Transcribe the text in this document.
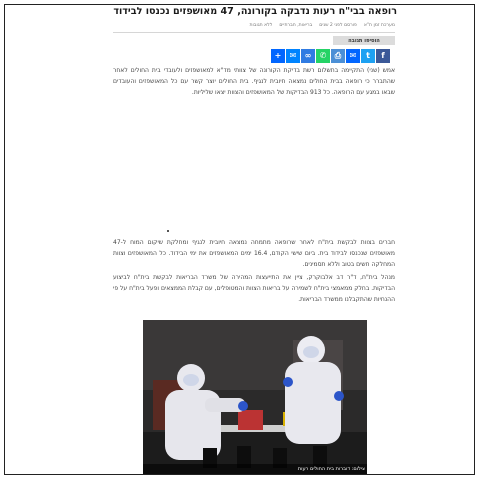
רופאה בבי"ח רעות נדבקה בקורונה, 47 מאושפזים נכנסו לבידוד
מערכת זמן ת"א
פורסם לפני 2 שנים
בריאות, חברתיים
ללא תגובות
הוסיפו תגובה
+ ✉ ∞ ✆ ⎙ ✉ t f
אמש (שני) התקיימה בתשלום רשת בדיקת הקורונה של צוותי מד"א למאושפזים ולעובדי בית החולים לאחר שהתברר כי רופאה בבית החולים נמצאה חיובית לנגיף. בית החולים יוצר קשר עם כל המאושפזים והעובדים שבאו במגע עם הרופאה. כל 913 הבדיקות של המאושפזים והצוות יצאו שליליות.
חברים בצוות לבקשת בית"ח לאחר שרופאה מתמחה נמצאה חיובית לנגיף ומחלקת שיקום המוח ל-47 מאושפזים שנכנסו לבידוד בית. ביום שישי הקודם, 16.4 ימים המאושפזים את ימי הבידוד. כל המאושפזים וצוות המחלקה חשים בטוב וללא תסמינים.
מנהל בית"ח, ד"ר דב אלבוקרק, ציין את התייעצות המהירה של משרד הבריאות לבקשת בית"ח לביצוע הבדיקות. בחלק ממאמצי בית"ח לשמירה על בריאות הצוות והמטופלים, עם קבלת הממצאים ופעל בית"ח על פי ההנחיות שהתקבלנו ממשרד הבריאות.
צילום: דוברות בית החולים רעות
